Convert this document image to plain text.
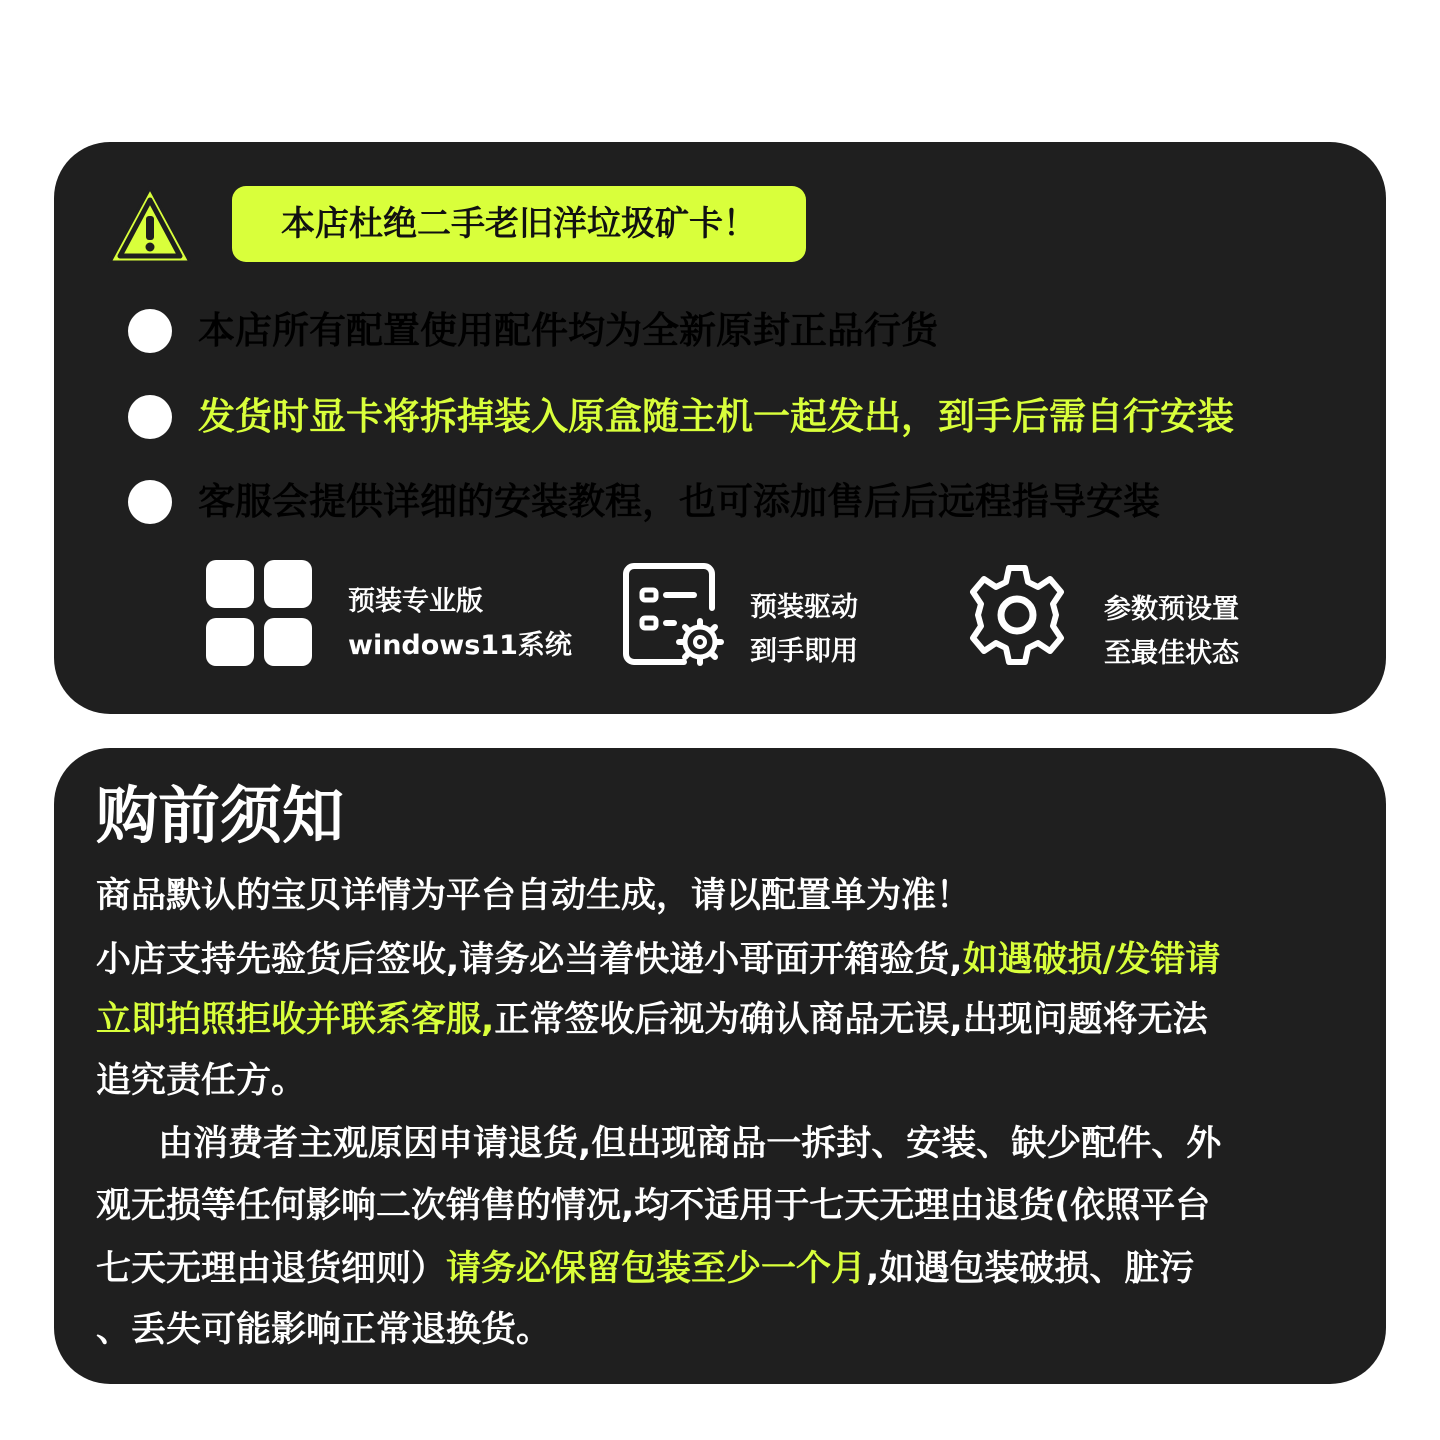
特别说明
本店杜绝二手老旧洋垃圾矿卡！
本店所有配置使用配件均为全新原封正品行货
发货时显卡将拆掉装入原盒随主机一起发出，到手后需自行安装
客服会提供详细的安装教程，也可添加售后后远程指导安装
预装专业版
windows11系统
预装驱动
到手即用
参数预设置
至最佳状态
购前须知
商品默认的宝贝详情为平台自动生成，请以配置单为准！
小店支持先验货后签收,请务必当着快递小哥面开箱验货,如遇破损/发错请
立即拍照拒收并联系客服,正常签收后视为确认商品无误,出现问题将无法
追究责任方。
由消费者主观原因申请退货,但出现商品一拆封、安装、缺少配件、外
观无损等任何影响二次销售的情况,均不适用于七天无理由退货(依照平台
七天无理由退货细则）请务必保留包装至少一个月,如遇包装破损、脏污
、丢失可能影响正常退换货。
